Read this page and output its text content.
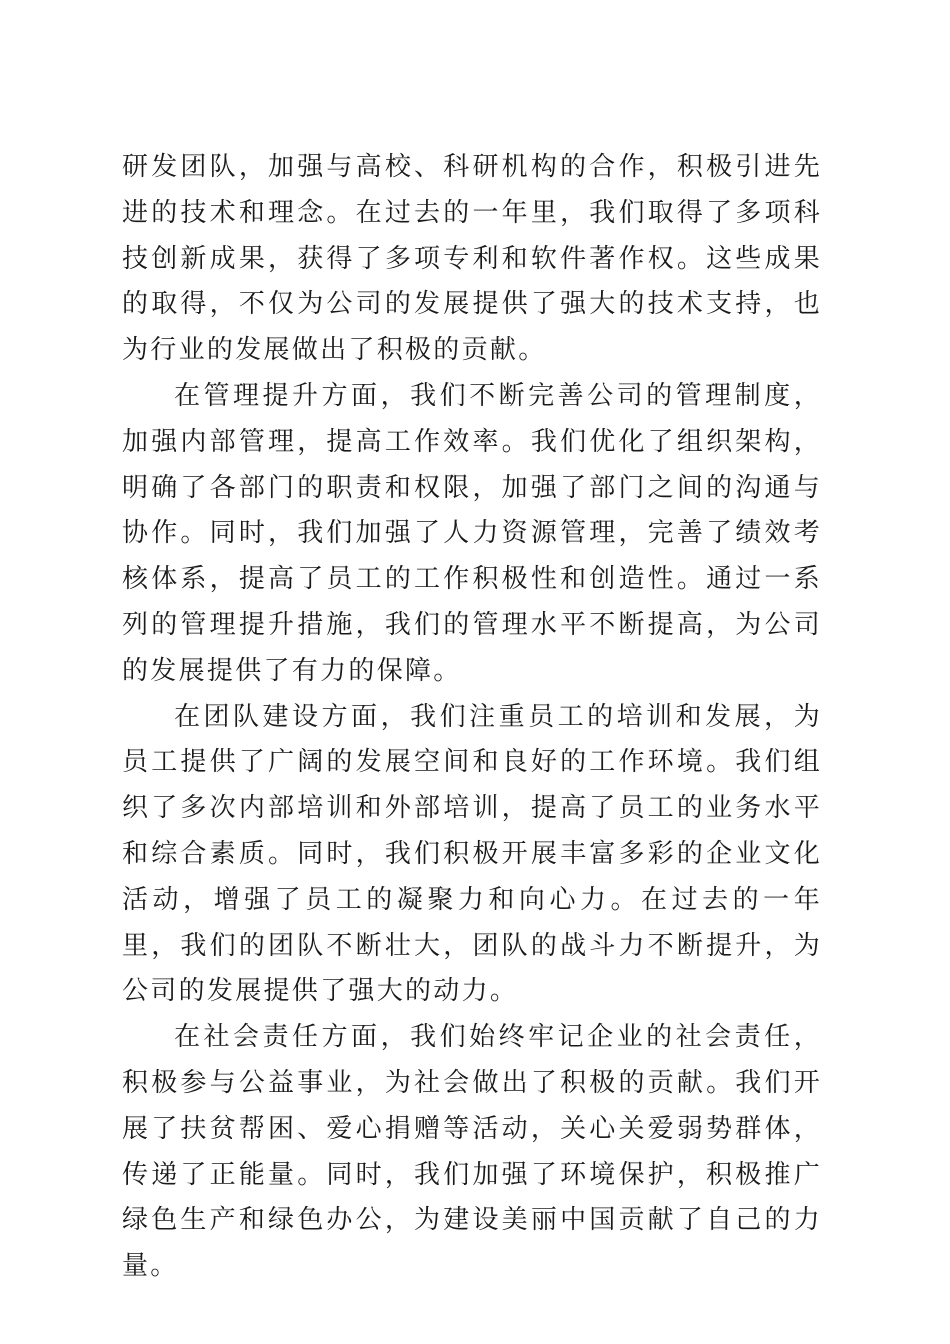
研发团队，加强与高校、科研机构的合作，积极引进先进的技术和理念。在过去的一年里，我们取得了多项科技创新成果，获得了多项专利和软件著作权。这些成果的取得，不仅为公司的发展提供了强大的技术支持，也为行业的发展做出了积极的贡献。

在管理提升方面，我们不断完善公司的管理制度，加强内部管理，提高工作效率。我们优化了组织架构，明确了各部门的职责和权限，加强了部门之间的沟通与协作。同时，我们加强了人力资源管理，完善了绩效考核体系，提高了员工的工作积极性和创造性。通过一系列的管理提升措施，我们的管理水平不断提高，为公司的发展提供了有力的保障。

在团队建设方面，我们注重员工的培训和发展，为员工提供了广阔的发展空间和良好的工作环境。我们组织了多次内部培训和外部培训，提高了员工的业务水平和综合素质。同时，我们积极开展丰富多彩的企业文化活动，增强了员工的凝聚力和向心力。在过去的一年里，我们的团队不断壮大，团队的战斗力不断提升，为公司的发展提供了强大的动力。

在社会责任方面，我们始终牢记企业的社会责任，积极参与公益事业，为社会做出了积极的贡献。我们开展了扶贫帮困、爱心捐赠等活动，关心关爱弱势群体，传递了正能量。同时，我们加强了环境保护，积极推广绿色生产和绿色办公，为建设美丽中国贡献了自己的力量。
